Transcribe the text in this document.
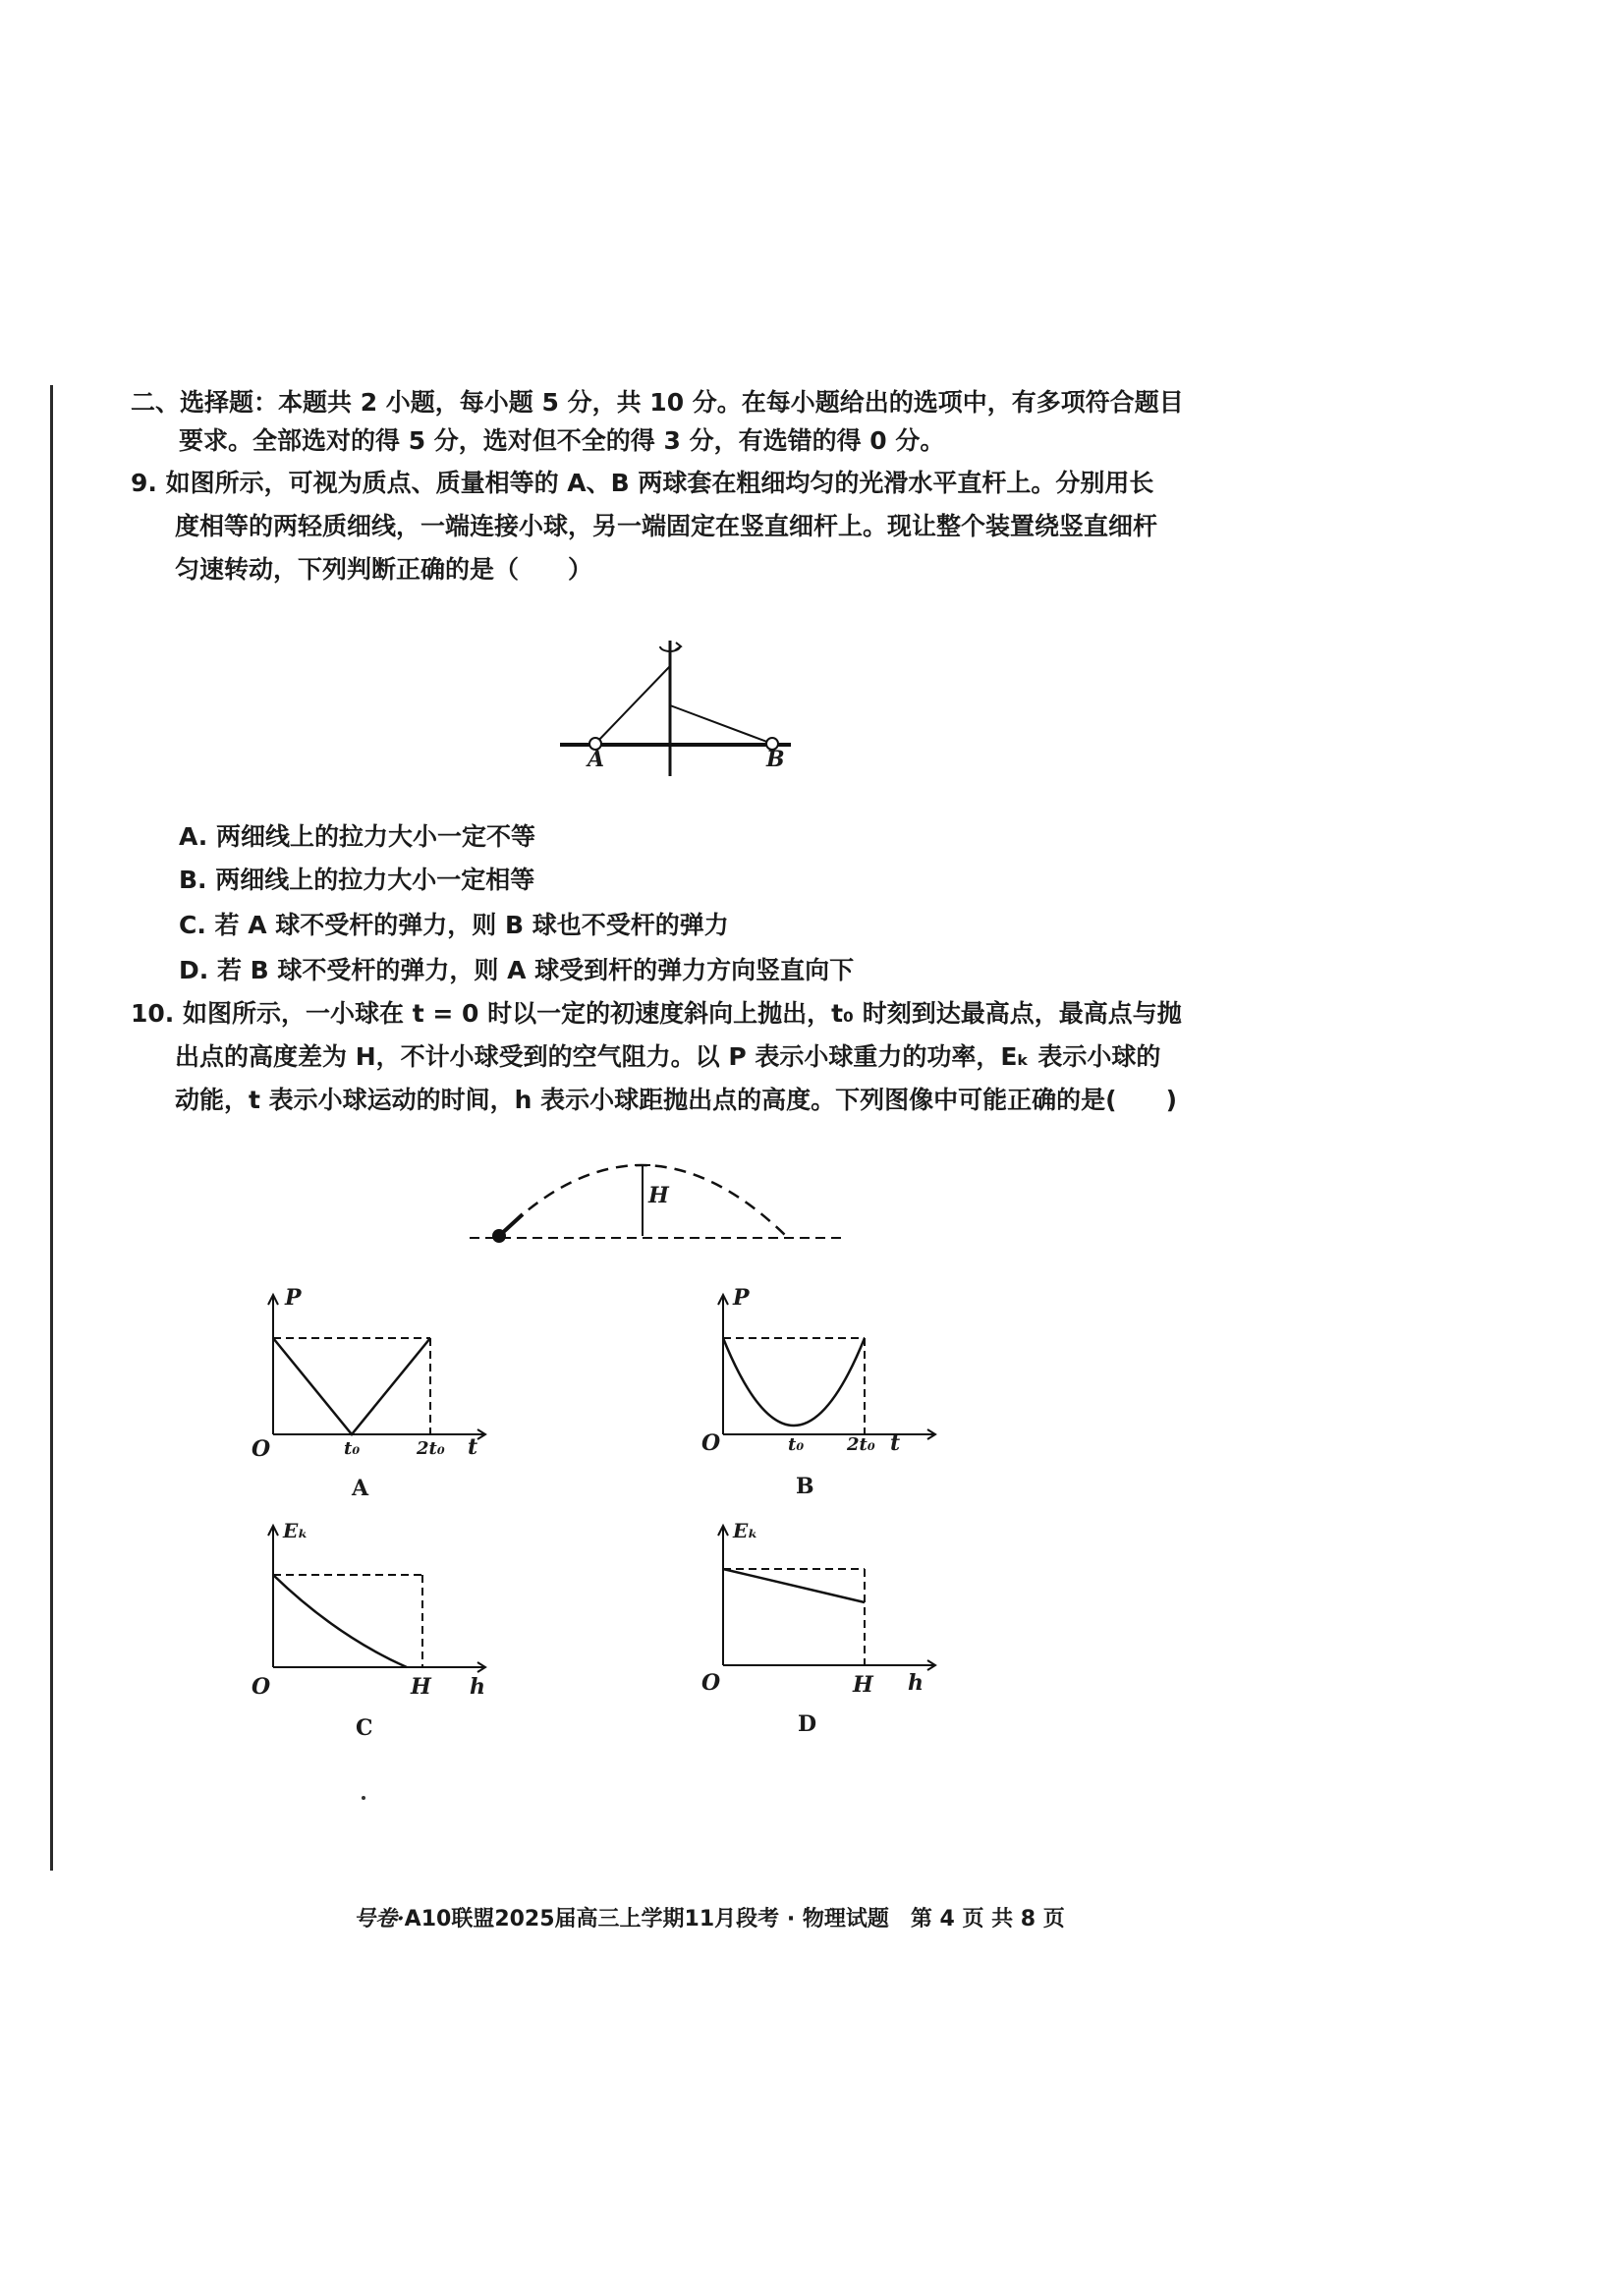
二、选择题：本题共 2 小题，每小题 5 分，共 10 分。在每小题给出的选项中，有多项符合题目
要求。全部选对的得 5 分，选对但不全的得 3 分，有选错的得 0 分。
9. 如图所示，可视为质点、质量相等的 A、B 两球套在粗细均匀的光滑水平直杆上。分别用长
度相等的两轻质细线，一端连接小球，另一端固定在竖直细杆上。现让整个装置绕竖直细杆
匀速转动，下列判断正确的是（　　）
A	B
A. 两细线上的拉力大小一定不等
B. 两细线上的拉力大小一定相等
C. 若 A 球不受杆的弹力，则 B 球也不受杆的弹力
D. 若 B 球不受杆的弹力，则 A 球受到杆的弹力方向竖直向下
10. 如图所示，一小球在 t = 0 时以一定的初速度斜向上抛出，t₀ 时刻到达最高点，最高点与抛
出点的高度差为 H，不计小球受到的空气阻力。以 P 表示小球重力的功率，Eₖ 表示小球的
动能，t 表示小球运动的时间，h 表示小球距抛出点的高度。下列图像中可能正确的是(　　)
H
P
O	t₀	2t₀ t
A
P
O	t₀ 2t₀ t
B
Eₖ
O	H h
C
Eₖ
O	H h
D
号卷·A10联盟2025届高三上学期11月段考 · 物理试题　第 4 页 共 8 页
